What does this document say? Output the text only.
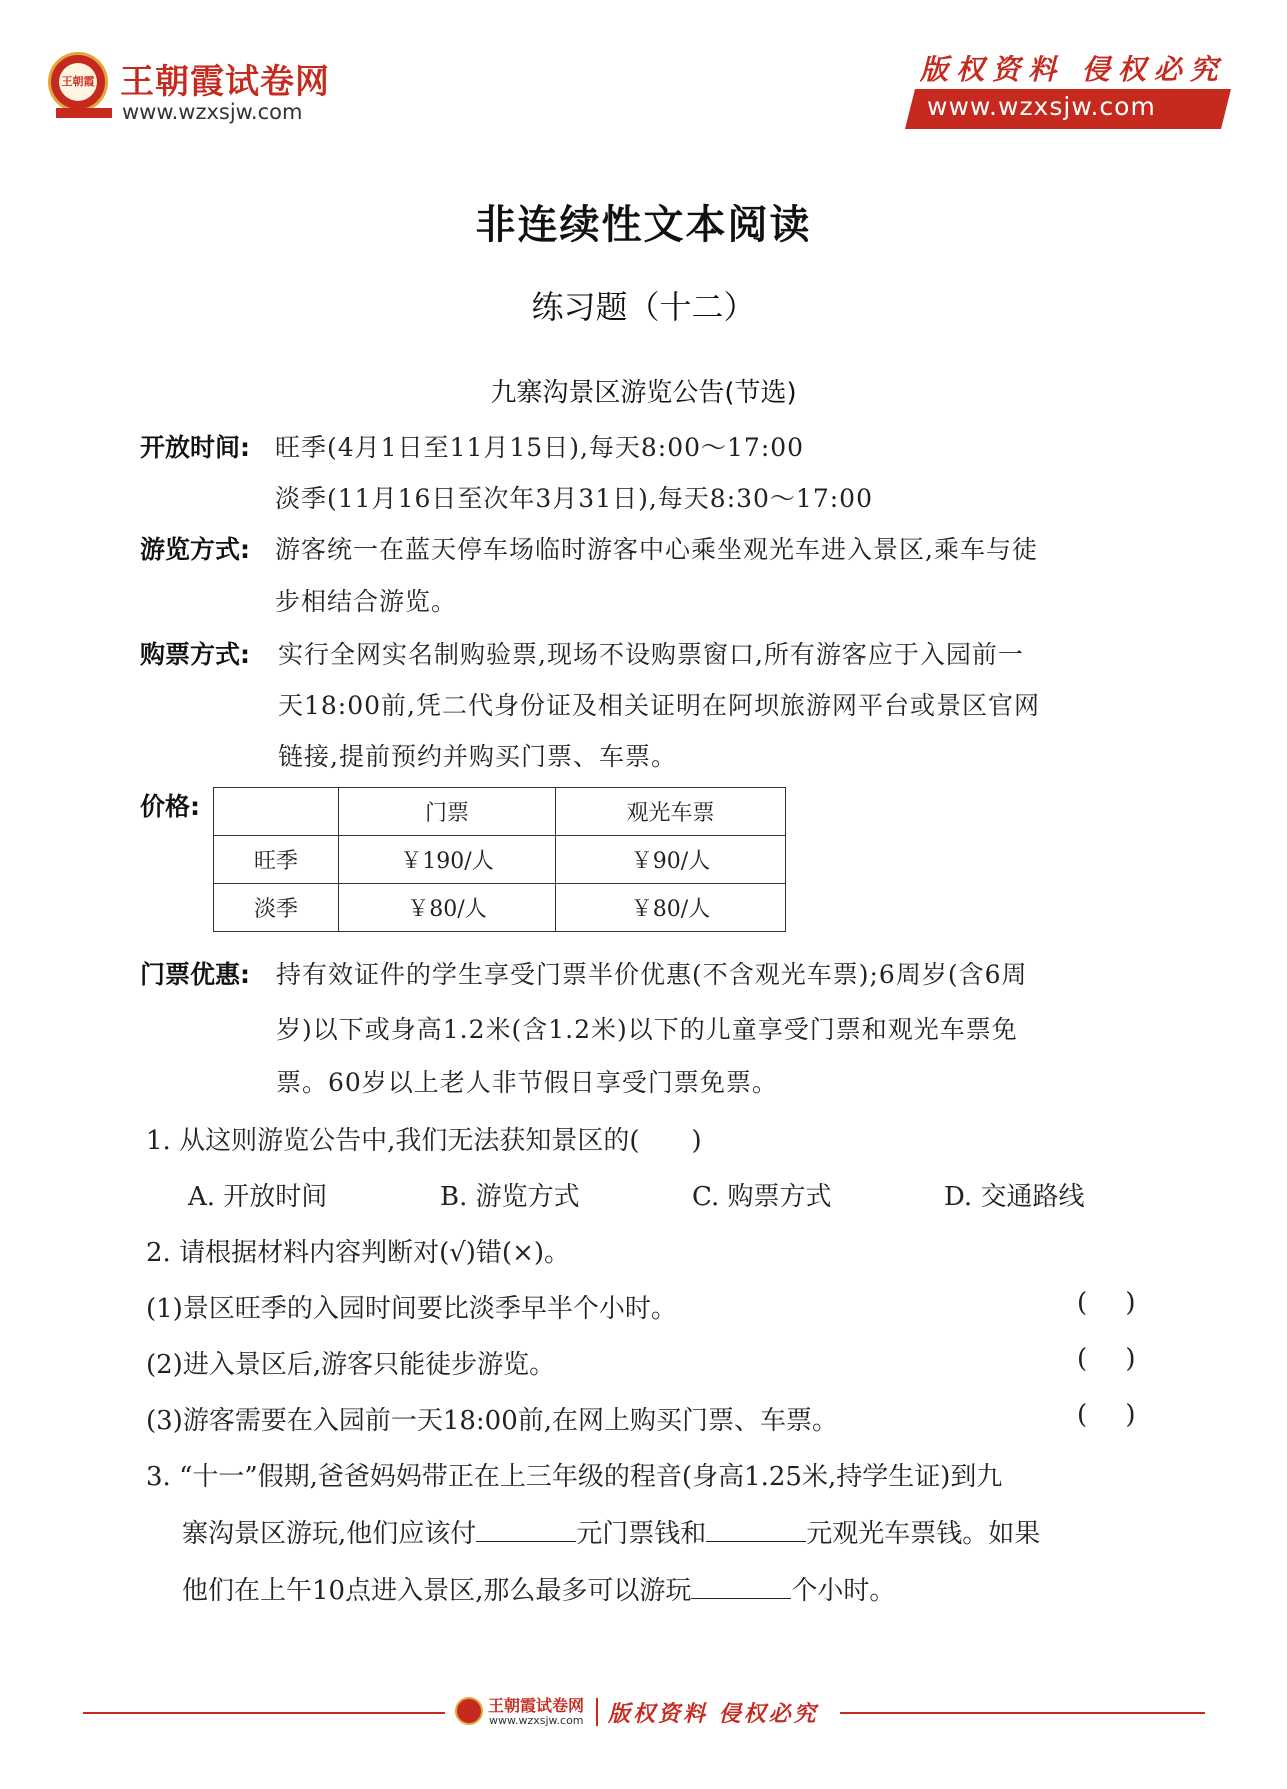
王朝霞 王朝霞试卷网
www.wzxsjw.com
版权资料 侵权必究
www.wzxsjw.com
非连续性文本阅读
练习题（十二）
九寨沟景区游览公告(节选)
开放时间: 旺季(4月1日至11月15日),每天8:00～17:00
淡季(11月16日至次年3月31日),每天8:30～17:00
游览方式: 游客统一在蓝天停车场临时游客中心乘坐观光车进入景区,乘车与徒
步相结合游览。
购票方式: 实行全网实名制购验票,现场不设购票窗口,所有游客应于入园前一
天18:00前,凭二代身份证及相关证明在阿坝旅游网平台或景区官网
链接,提前预约并购买门票、车票。
价格:
		门票	观光车票
旺季	￥190/人	￥90/人
淡季	￥80/人	￥80/人
门票优惠: 持有效证件的学生享受门票半价优惠(不含观光车票);6周岁(含6周
岁)以下或身高1.2米(含1.2米)以下的儿童享受门票和观光车票免
票。60岁以上老人非节假日享受门票免票。
1. 从这则游览公告中,我们无法获知景区的(　　)
A. 开放时间	B. 游览方式	C. 购票方式	D. 交通路线
2. 请根据材料内容判断对(√)错(×)。
(1)景区旺季的入园时间要比淡季早半个小时。	( )
(2)进入景区后,游客只能徒步游览。	( )
(3)游客需要在入园前一天18:00前,在网上购买门票、车票。	( )
3. “十一”假期,爸爸妈妈带正在上三年级的程音(身高1.25米,持学生证)到九
寨沟景区游玩,他们应该付	元门票钱和	元观光车票钱。如果
他们在上午10点进入景区,那么最多可以游玩	个小时。
王朝霞试卷网
www.wzxsjw.com 版权资料 侵权必究
